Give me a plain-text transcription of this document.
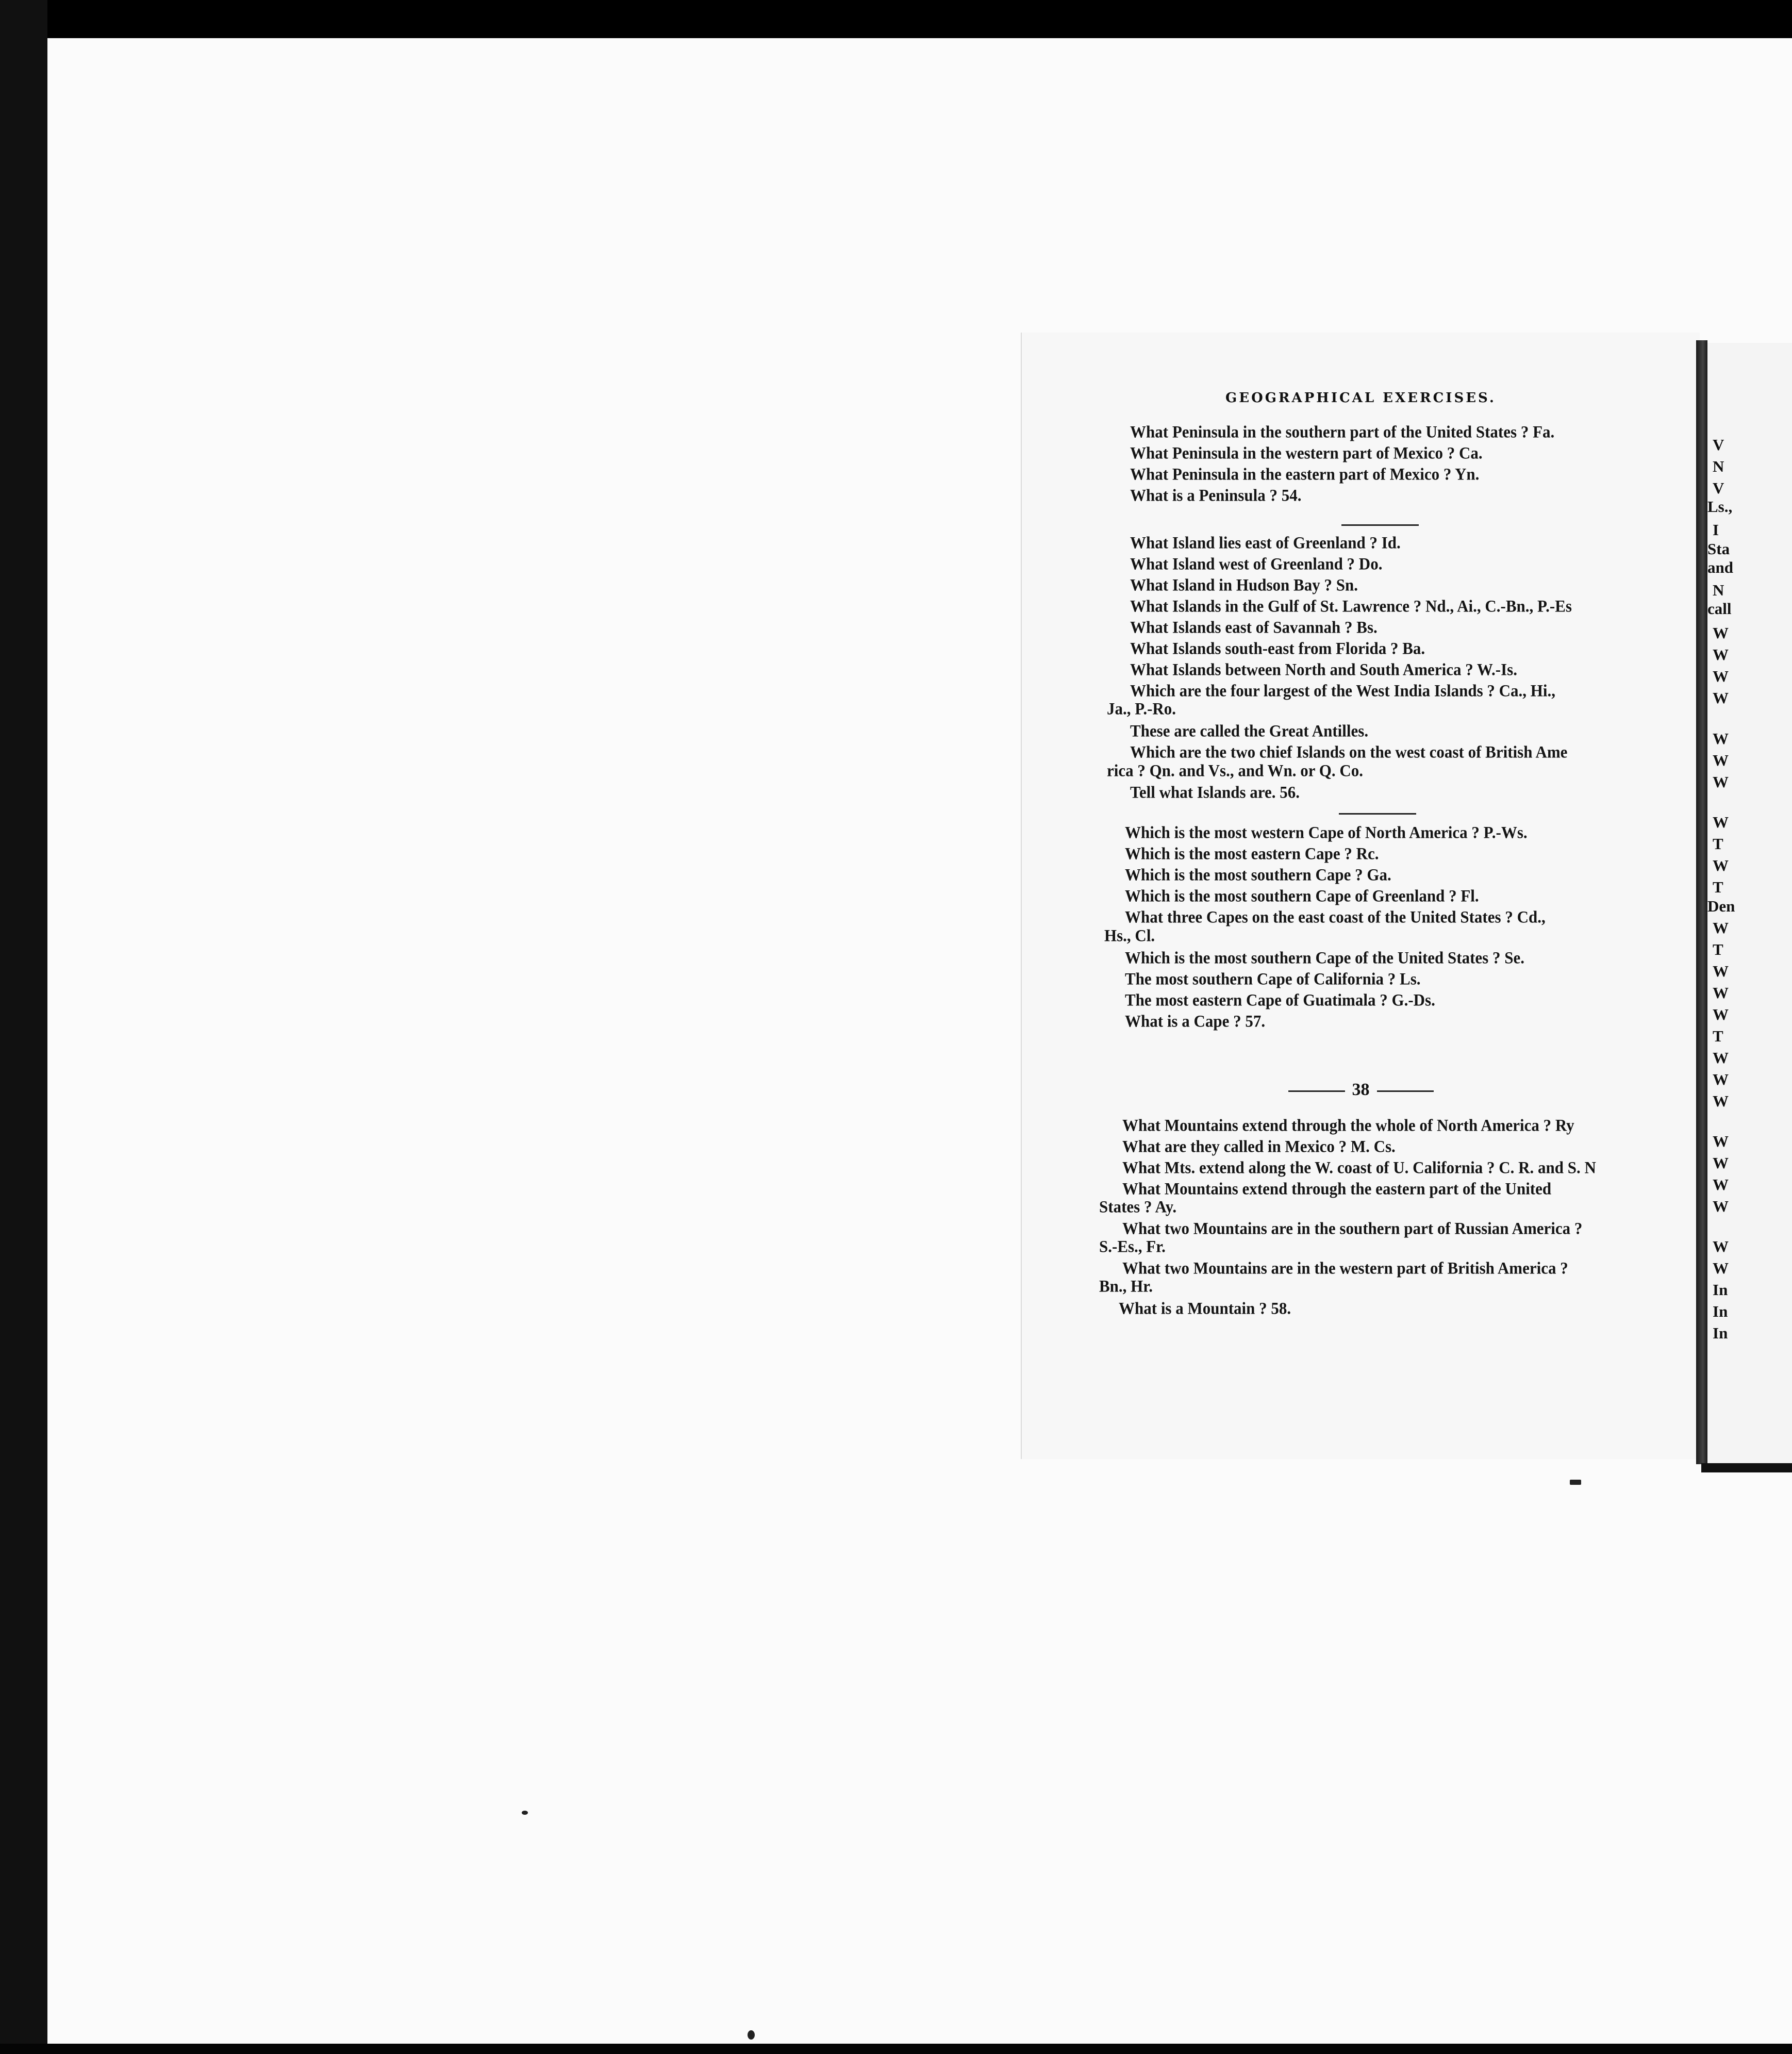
GEOGRAPHICAL EXERCISES.
What Peninsula in the southern part of the United States ? Fa.
What Peninsula in the western part of Mexico ? Ca.
What Peninsula in the eastern part of Mexico ? Yn.
What is a Peninsula ? 54.
What Island lies east of Greenland ? Id.
What Island west of Greenland ? Do.
What Island in Hudson Bay ? Sn.
What Islands in the Gulf of St. Lawrence ? Nd., Ai., C.-Bn., P.-Es
What Islands east of Savannah ? Bs.
What Islands south-east from Florida ? Ba.
What Islands between North and South America ? W.-Is.
Which are the four largest of the West India Islands ? Ca., Hi.,
Ja., P.-Ro.
These are called the Great Antilles.
Which are the two chief Islands on the west coast of British Ame
rica ? Qn. and Vs., and Wn. or Q. Co.
Tell what Islands are. 56.
Which is the most western Cape of North America ? P.-Ws.
Which is the most eastern Cape ? Rc.
Which is the most southern Cape ? Ga.
Which is the most southern Cape of Greenland ? Fl.
What three Capes on the east coast of the United States ? Cd.,
Hs., Cl.
Which is the most southern Cape of the United States ? Se.
The most southern Cape of California ? Ls.
The most eastern Cape of Guatimala ? G.-Ds.
What is a Cape ? 57.
38
What Mountains extend through the whole of North America ? Ry
What are they called in Mexico ? M. Cs.
What Mts. extend along the W. coast of U. California ? C. R. and S. N
What Mountains extend through the eastern part of the United
States ? Ay.
What two Mountains are in the southern part of Russian America ?
S.-Es., Fr.
What two Mountains are in the western part of British America ?
Bn., Hr.
What is a Mountain ? 58.
V
N
V
Ls.,
I
Sta
and
N
call
W
W
W
W
W
W
W
W
T
W
T
Den
W
T
W
W
W
T
W
W
W
W
W
W
W
W
W
In
In
In
